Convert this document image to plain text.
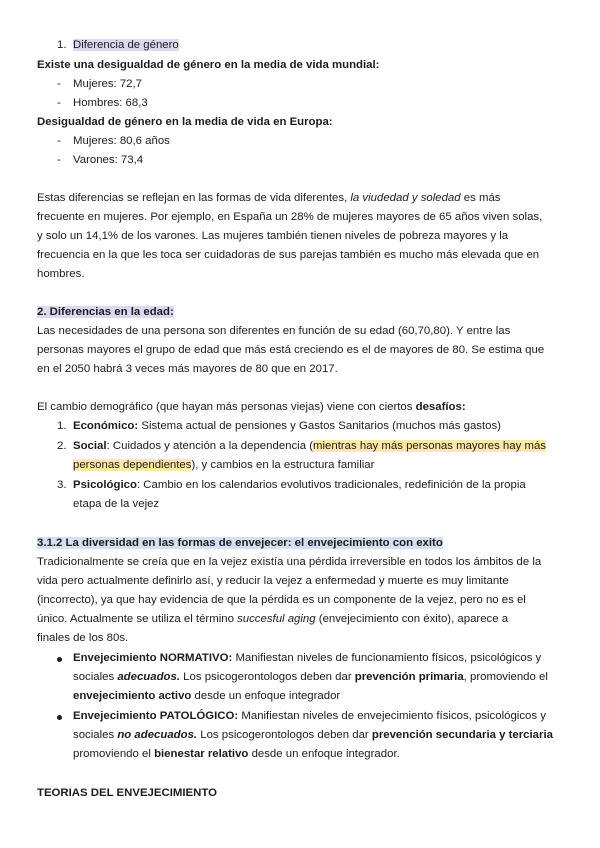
1. Diferencia de género
Existe una desigualdad de género en la media de vida mundial:
- Mujeres: 72,7
- Hombres: 68,3
Desigualdad de género en la media de vida en Europa:
- Mujeres: 80,6 años
- Varones: 73,4
Estas diferencias se reflejan en las formas de vida diferentes, la viudedad y soledad es más
frecuente en mujeres. Por ejemplo, en España un 28% de mujeres mayores de 65 años viven solas,
y solo un 14,1% de los varones. Las mujeres también tienen niveles de pobreza mayores y la
frecuencia en la que les toca ser cuidadoras de sus parejas también es mucho más elevada que en
hombres.
2. Diferencias en la edad:
Las necesidades de una persona son diferentes en función de su edad (60,70,80). Y entre las
personas mayores el grupo de edad que más está creciendo es el de mayores de 80. Se estima que
en el 2050 habrá 3 veces más mayores de 80 que en 2017.
El cambio demográfico (que hayan más personas viejas) viene con ciertos desafíos:
1. Económico: Sistema actual de pensiones y Gastos Sanitarios (muchos más gastos)
2. Social: Cuidados y atención a la dependencia (mientras hay más personas mayores hay más
personas dependientes), y cambios en la estructura familiar
3. Psicológico: Cambio en los calendarios evolutivos tradicionales, redefinición de la propia
etapa de la vejez
3.1.2 La diversidad en las formas de envejecer: el envejecimiento con exito
Tradicionalmente se creía que en la vejez existía una pérdida irreversible en todos los ámbitos de la
vida pero actualmente definirlo así, y reducir la vejez a enfermedad y muerte es muy limitante
(incorrecto), ya que hay evidencia de que la pérdida es un componente de la vejez, pero no es el
único. Actualmente se utiliza el término succesful aging (envejecimiento con éxito), aparece a
finales de los 80s.
Envejecimiento NORMATIVO: Manifiestan niveles de funcionamiento físicos, psicológicos y
sociales adecuados. Los psicogerontologos deben dar prevención primaria, promoviendo el
envejecimiento activo desde un enfoque integrador
Envejecimiento PATOLÓGICO: Manifiestan niveles de envejecimiento físicos, psicológicos y
sociales no adecuados. Los psicogerontologos deben dar prevención secundaria y terciaria
promoviendo el bienestar relativo desde un enfoque integrador.
TEORIAS DEL ENVEJECIMIENTO
